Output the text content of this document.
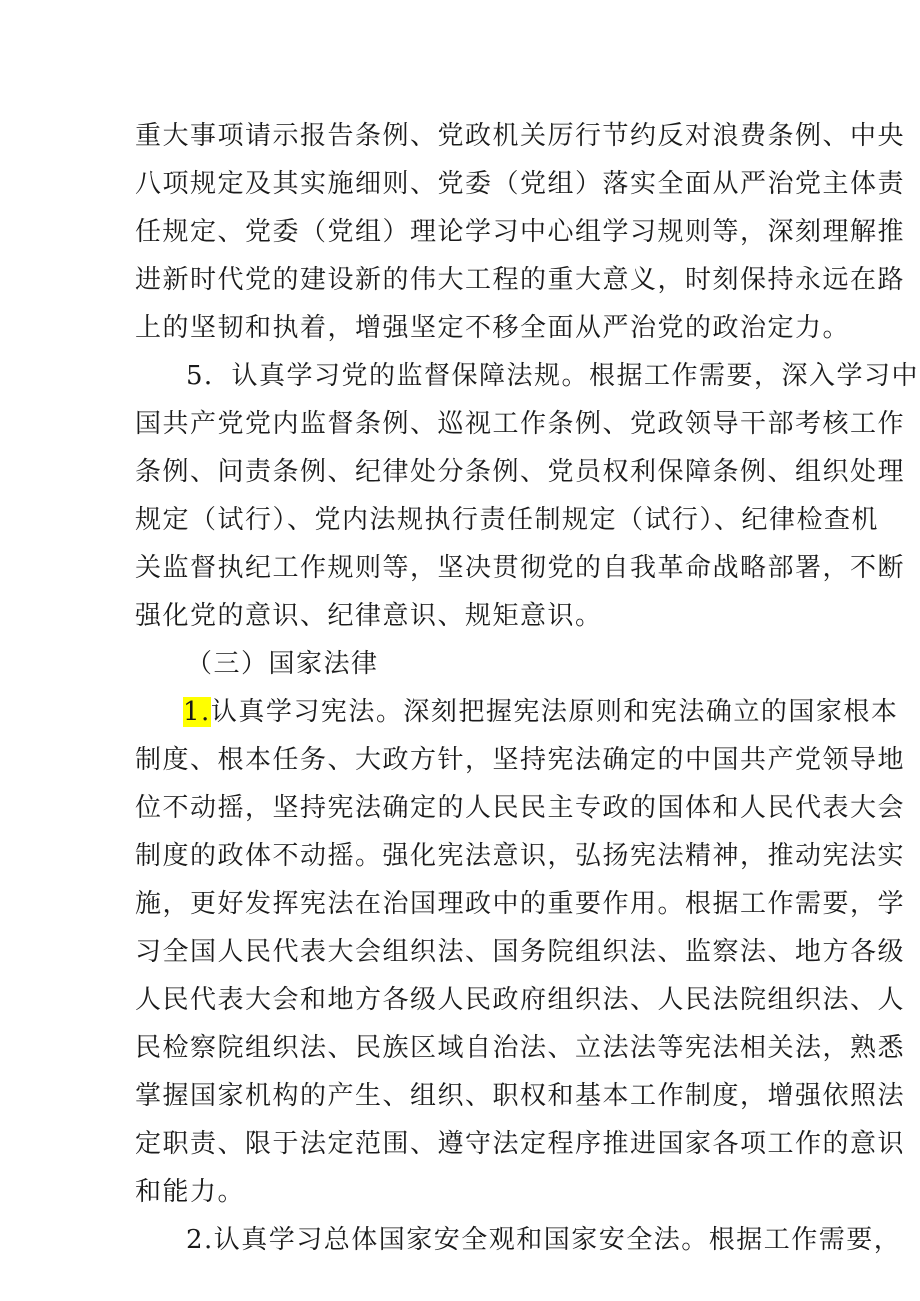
重大事项请示报告条例、党政机关厉行节约反对浪费条例、中央
八项规定及其实施细则、党委（党组）落实全面从严治党主体责
任规定、党委（党组）理论学习中心组学习规则等，深刻理解推
进新时代党的建设新的伟大工程的重大意义，时刻保持永远在路
上的坚韧和执着，增强坚定不移全面从严治党的政治定力。
5．认真学习党的监督保障法规。根据工作需要，深入学习中
国共产党党内监督条例、巡视工作条例、党政领导干部考核工作
条例、问责条例、纪律处分条例、党员权利保障条例、组织处理
规定（试行）、党内法规执行责任制规定（试行）、纪律检查机
关监督执纪工作规则等，坚决贯彻党的自我革命战略部署，不断
强化党的意识、纪律意识、规矩意识。
（三）国家法律
1.认真学习宪法。深刻把握宪法原则和宪法确立的国家根本
制度、根本任务、大政方针，坚持宪法确定的中国共产党领导地
位不动摇，坚持宪法确定的人民民主专政的国体和人民代表大会
制度的政体不动摇。强化宪法意识，弘扬宪法精神，推动宪法实
施，更好发挥宪法在治国理政中的重要作用。根据工作需要，学
习全国人民代表大会组织法、国务院组织法、监察法、地方各级
人民代表大会和地方各级人民政府组织法、人民法院组织法、人
民检察院组织法、民族区域自治法、立法法等宪法相关法，熟悉
掌握国家机构的产生、组织、职权和基本工作制度，增强依照法
定职责、限于法定范围、遵守法定程序推进国家各项工作的意识
和能力。
2.认真学习总体国家安全观和国家安全法。根据工作需要，
